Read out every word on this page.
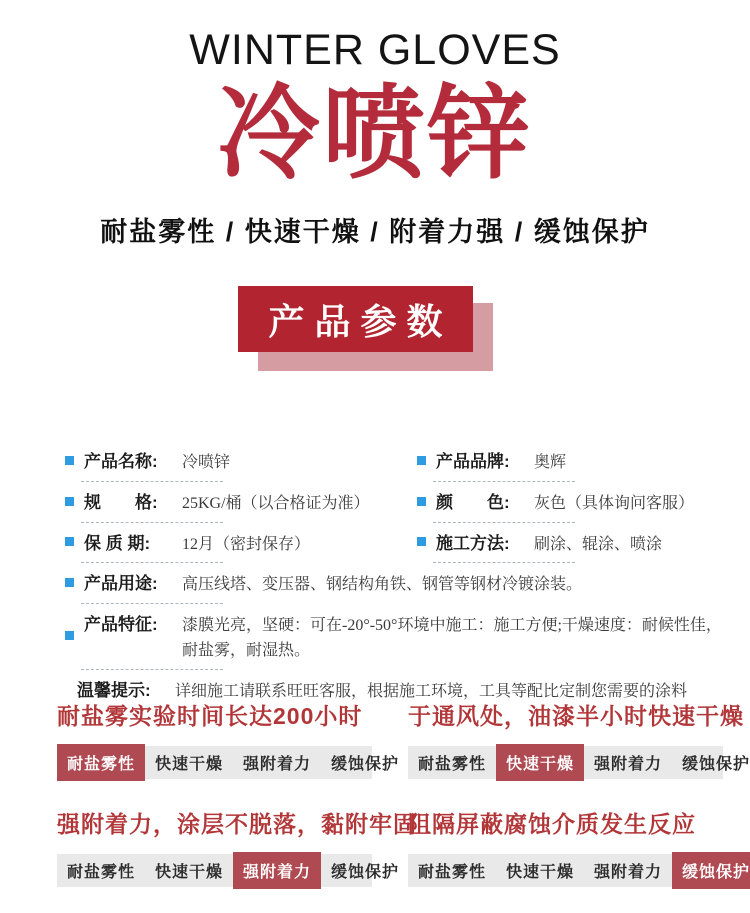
WINTER GLOVES
冷喷锌
耐盐雾性 / 快速干燥 / 附着力强 / 缓蚀保护
产品参数
产品名称:	冷喷锌	产品品牌:	奥辉
规　　格:	25KG/桶（以合格证为准）	颜　　色:	灰色（具体询问客服）
保 质 期:	12月（密封保存）	施工方法:	刷涂、辊涂、喷涂
产品用途:	高压线塔、变压器、钢结构角铁、钢管等钢材冷镀涂装。
产品特征:	漆膜光亮，坚硬：可在-20°-50°环境中施工：施工方便;干燥速度：耐候性佳，耐盐雾，耐湿热。
温馨提示:	详细施工请联系旺旺客服，根据施工环境，工具等配比定制您需要的涂料
耐盐雾实验时间长达200小时
耐盐雾性	快速干燥	强附着力	缓蚀保护
于通风处，油漆半小时快速干燥
耐盐雾性	快速干燥	强附着力	缓蚀保护
强附着力，涂层不脱落，黏附牢固
耐盐雾性	快速干燥	强附着力	缓蚀保护
阻隔屏蔽腐蚀介质发生反应
耐盐雾性	快速干燥	强附着力	缓蚀保护
